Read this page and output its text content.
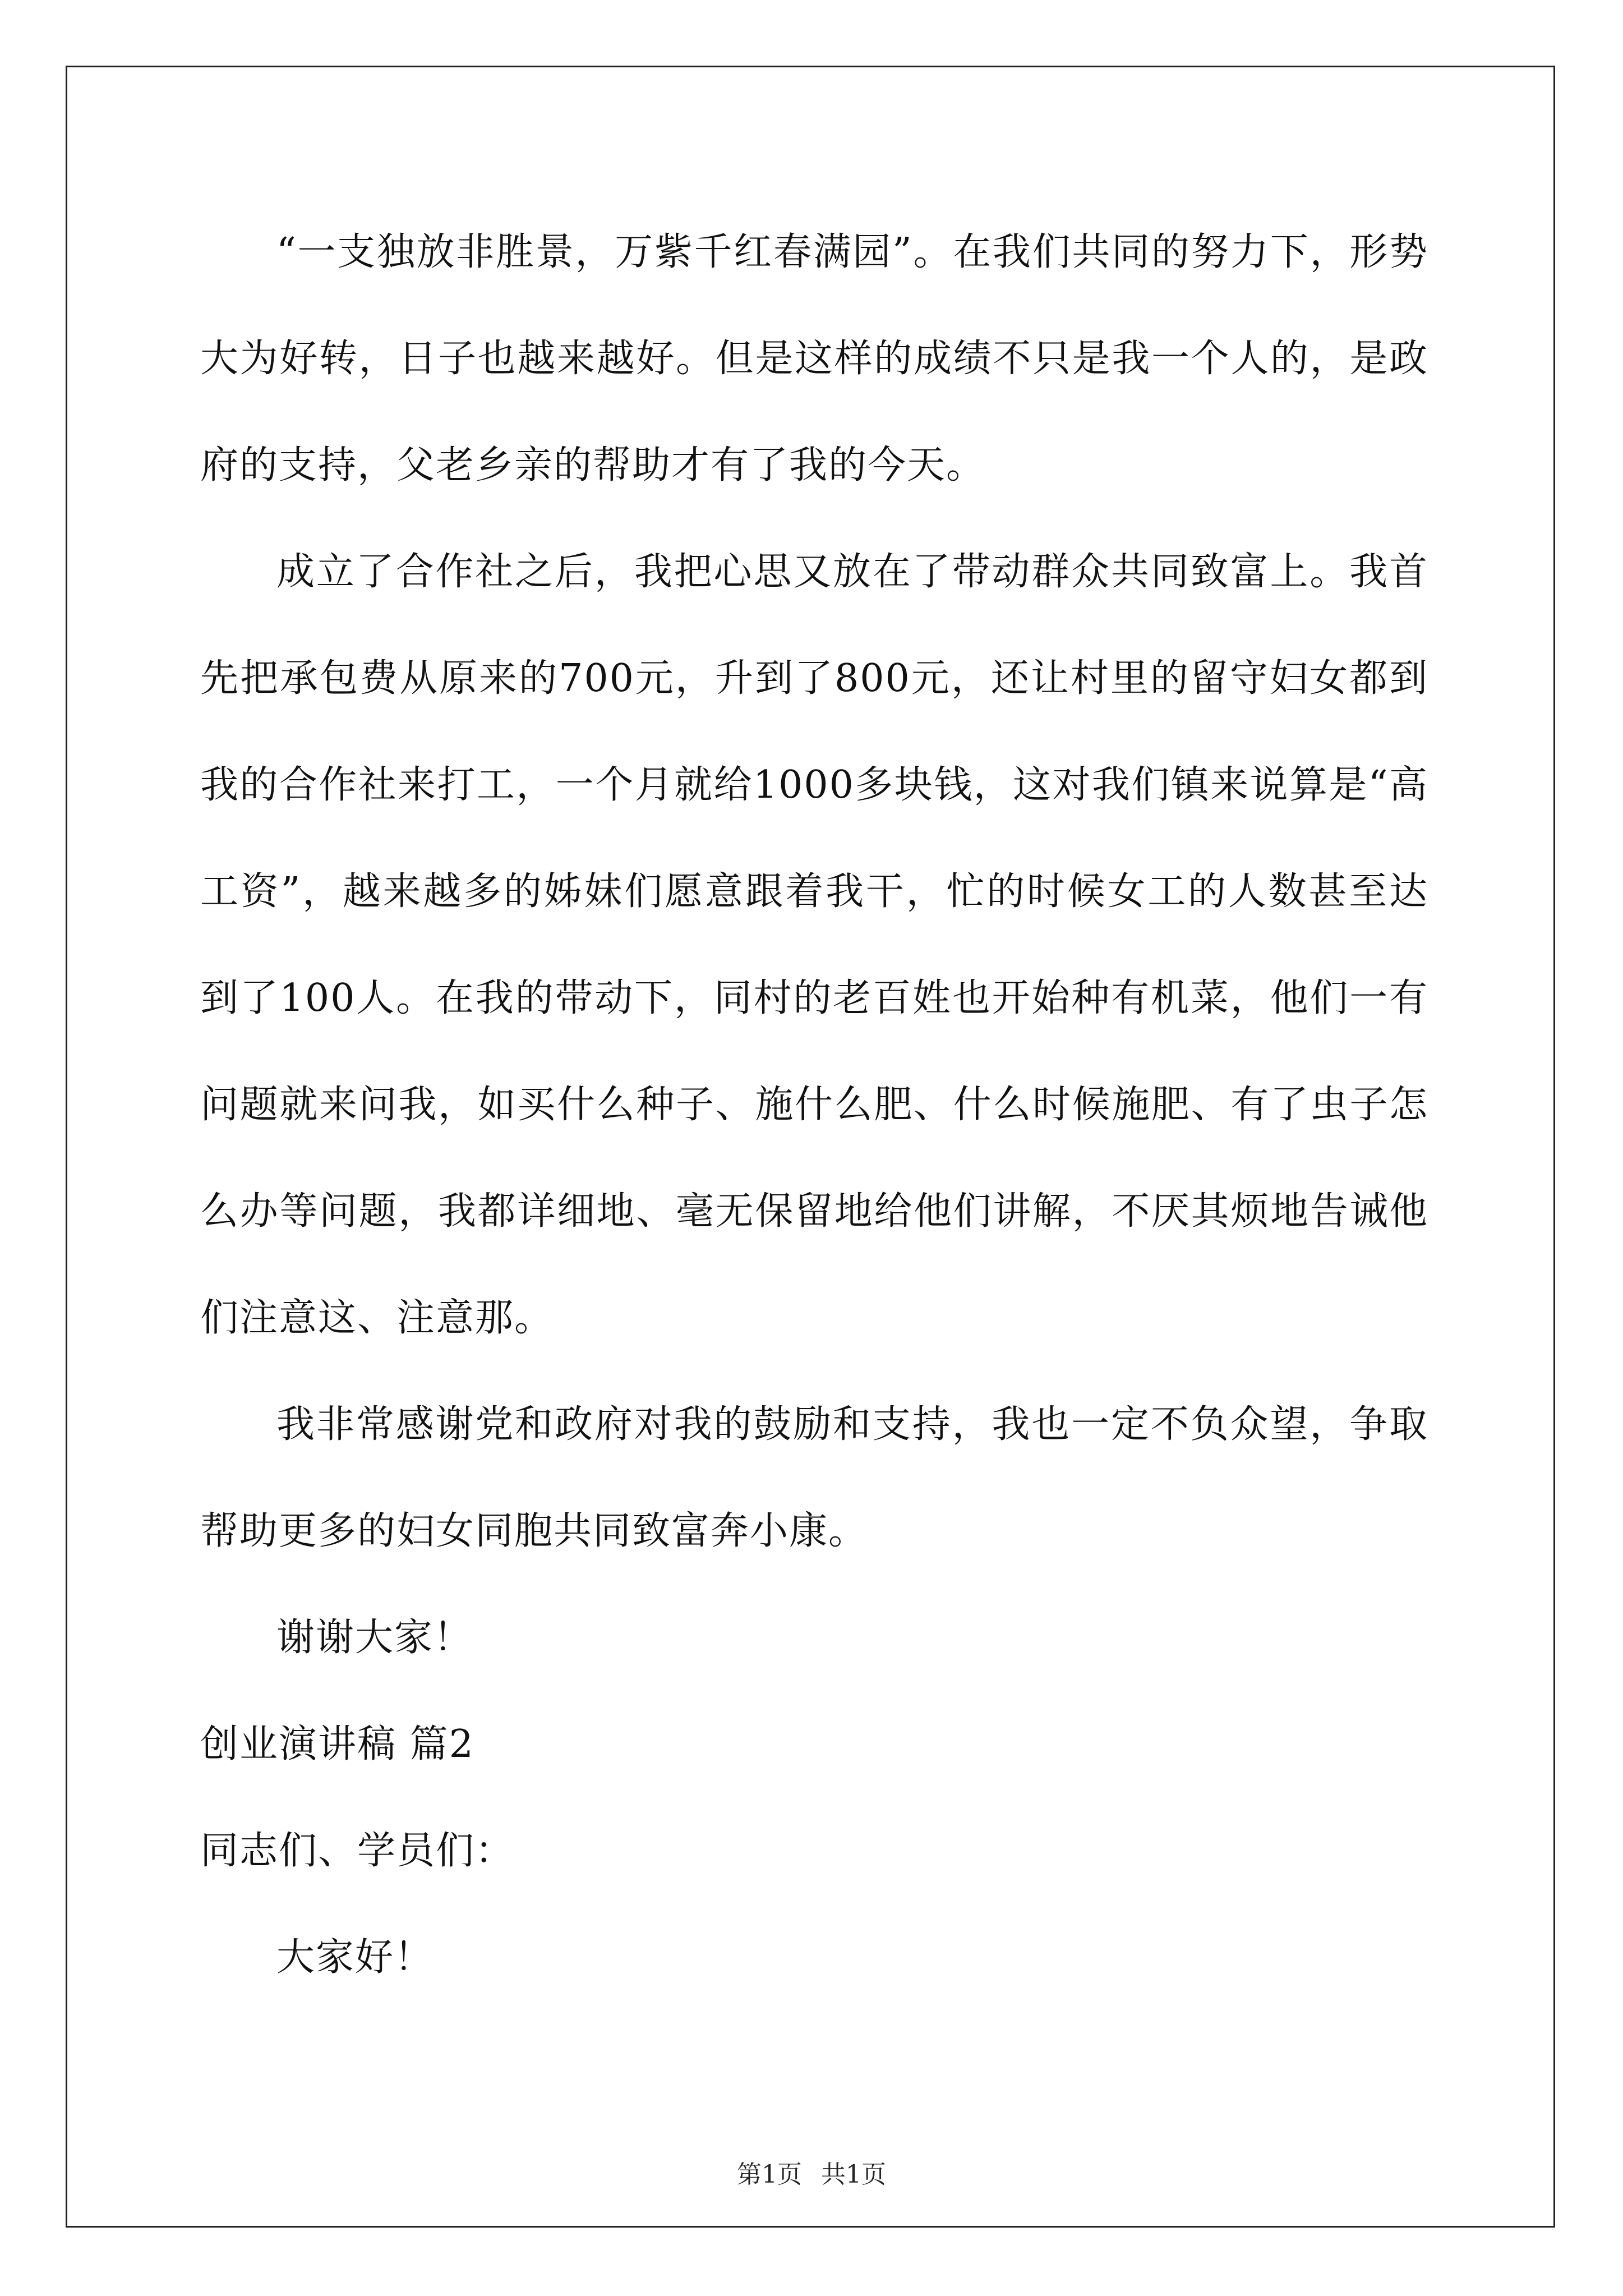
“一支独放非胜景，万紫千红春满园”。在我们共同的努力下，形势大为好转，日子也越来越好。但是这样的成绩不只是我一个人的，是政府的支持，父老乡亲的帮助才有了我的今天。

成立了合作社之后，我把心思又放在了带动群众共同致富上。我首先把承包费从原来的700元，升到了800元，还让村里的留守妇女都到我的合作社来打工，一个月就给1000多块钱，这对我们镇来说算是“高工资”，越来越多的姊妹们愿意跟着我干，忙的时候女工的人数甚至达到了100人。在我的带动下，同村的老百姓也开始种有机菜，他们一有问题就来问我，如买什么种子、施什么肥、什么时候施肥、有了虫子怎么办等问题，我都详细地、毫无保留地给他们讲解，不厌其烦地告诫他们注意这、注意那。

我非常感谢党和政府对我的鼓励和支持，我也一定不负众望，争取帮助更多的妇女同胞共同致富奔小康。

谢谢大家！

创业演讲稿 篇2

同志们、学员们：

大家好！

第1页 共1页
